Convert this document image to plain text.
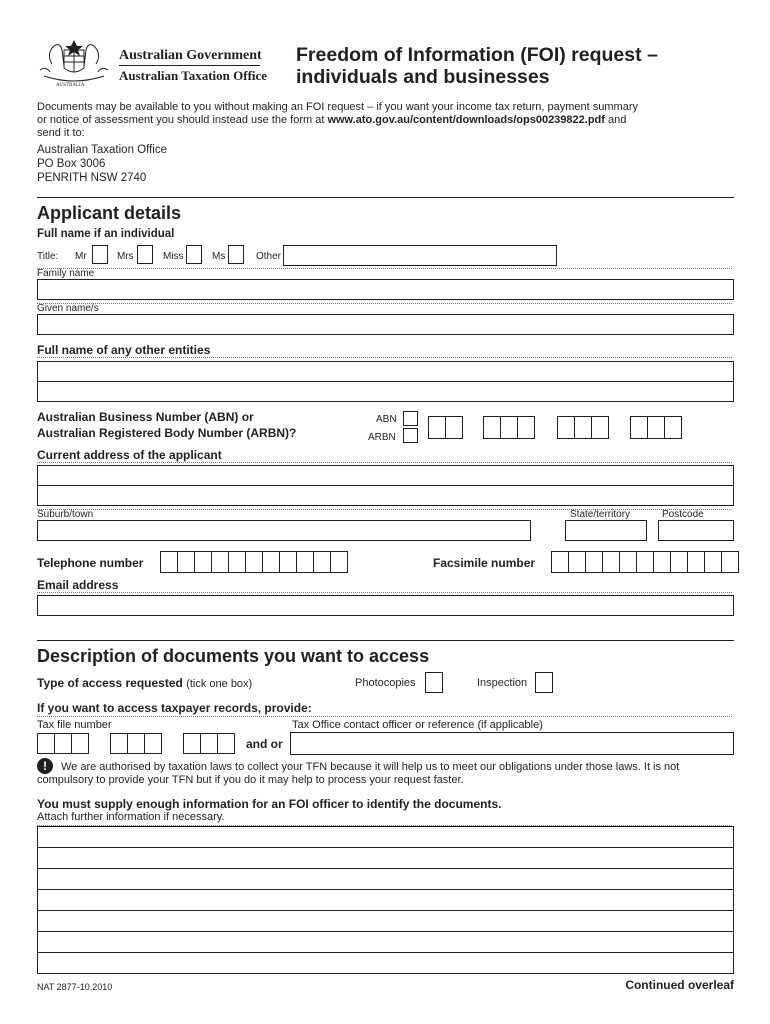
AUSTRALIA
Australian Government
Australian Taxation Office
Freedom of Information (FOI) request –
individuals and businesses
Documents may be available to you without making an FOI request – if you want your income tax return, payment summary
or notice of assessment you should instead use the form at www.ato.gov.au/content/downloads/ops00239822.pdf and
send it to:
Australian Taxation Office
PO Box 3006
PENRITH NSW 2740
Applicant details
Full name if an individual
Title: Mr	Mrs	Miss	Ms	Other
Family name
Given name/s
Full name of any other entities
Australian Business Number (ABN) or
Australian Registered Body Number (ARBN)?
ABN
ARBN
Current address of the applicant
Suburb/town	State/territory	Postcode
Telephone number	Facsimile number
Email address
Description of documents you want to access
Type of access requested (tick one box)	Photocopies	Inspection
If you want to access taxpayer records, provide:
Tax file number	Tax Office contact officer or reference (if applicable)
and or
!	We are authorised by taxation laws to collect your TFN because it will help us to meet our obligations under those laws. It is not
compulsory to provide your TFN but if you do it may help to process your request faster.
You must supply enough information for an FOI officer to identify the documents.
Attach further information if necessary.
NAT 2877-10.2010	Continued overleaf
